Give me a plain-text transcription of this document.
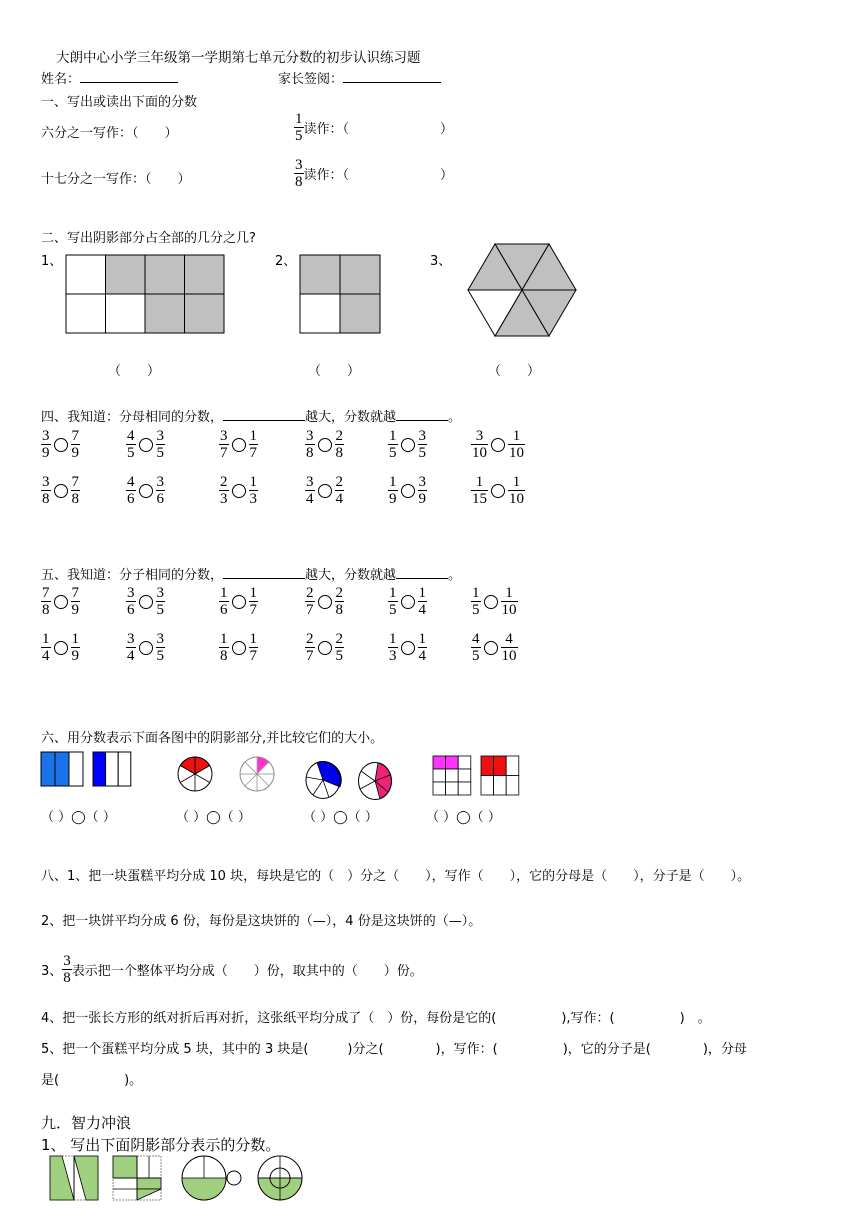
大朗中心小学三年级第一学期第七单元分数的初步认识练习题
姓名：	家长签阅：
一、写出或读出下面的分数
六分之一写作：（　　）	$\frac{1}{5}$ 读作：（　　　　　　　）
十七分之一写作：（　　）	$\frac{3}{8}$ 读作：（　　　　　　　）
二、写出阴影部分占全部的几分之几?
1、	2、	3、
（　　）	（　　）	（　　）
四、我知道：分母相同的分数，	越大，分数就越	。
五、我知道：分子相同的分数，	越大，分数就越	。
六、用分数表示下面各图中的阴影部分,并比较它们的大小。
（ ）◯（ ）	（ ）◯（ ）	（ ）◯（ ）	（ ）◯（ ）
八、1、把一块蛋糕平均分成 10 块，每块是它的（　）分之（　　），写作（　　），它的分母是（　　），分子是（　　）。
2、把一块饼平均分成 6 份，每份是这块饼的（—），4 份是这块饼的（—）。
3、 $\frac{3}{8}$ 表示把一个整体平均分成（　　）份，取其中的（　　）份。
4、把一张长方形的纸对折后再对折，这张纸平均分成了（　）份，每份是它的(　　　　　),写作：(　　　　　)　。
5、把一个蛋糕平均分成 5 块，其中的 3 块是(　　　)分之(　　　　)，写作：(　　　　　)，它的分子是(　　　　)，分母
是(　　　　　)。
九．智力冲浪
1、 写出下面阴影部分表示的分数。
$\frac{3}{9} \frac{7}{9}$	$\frac{4}{5} \frac{3}{5}$	$\frac{3}{7} \frac{1}{7}$	$\frac{3}{8} \frac{2}{8}$	$\frac{1}{5} \frac{3}{5}$	$\frac{3}{10} \frac{1}{10}$
$\frac{3}{8} \frac{7}{8}$	$\frac{4}{6} \frac{3}{6}$	$\frac{2}{3} \frac{1}{3}$	$\frac{3}{4} \frac{2}{4}$	$\frac{1}{9} \frac{3}{9}$	$\frac{1}{15} \frac{1}{10}$
$\frac{7}{8} \frac{7}{9}$	$\frac{3}{6} \frac{3}{5}$	$\frac{1}{6} \frac{1}{7}$	$\frac{2}{7} \frac{2}{8}$	$\frac{1}{5} \frac{1}{4}$	$\frac{1}{5} \frac{1}{10}$
$\frac{1}{4} \frac{1}{9}$	$\frac{3}{4} \frac{3}{5}$	$\frac{1}{8} \frac{1}{7}$	$\frac{2}{7} \frac{2}{5}$	$\frac{1}{3} \frac{1}{4}$	$\frac{4}{5} \frac{4}{10}$
